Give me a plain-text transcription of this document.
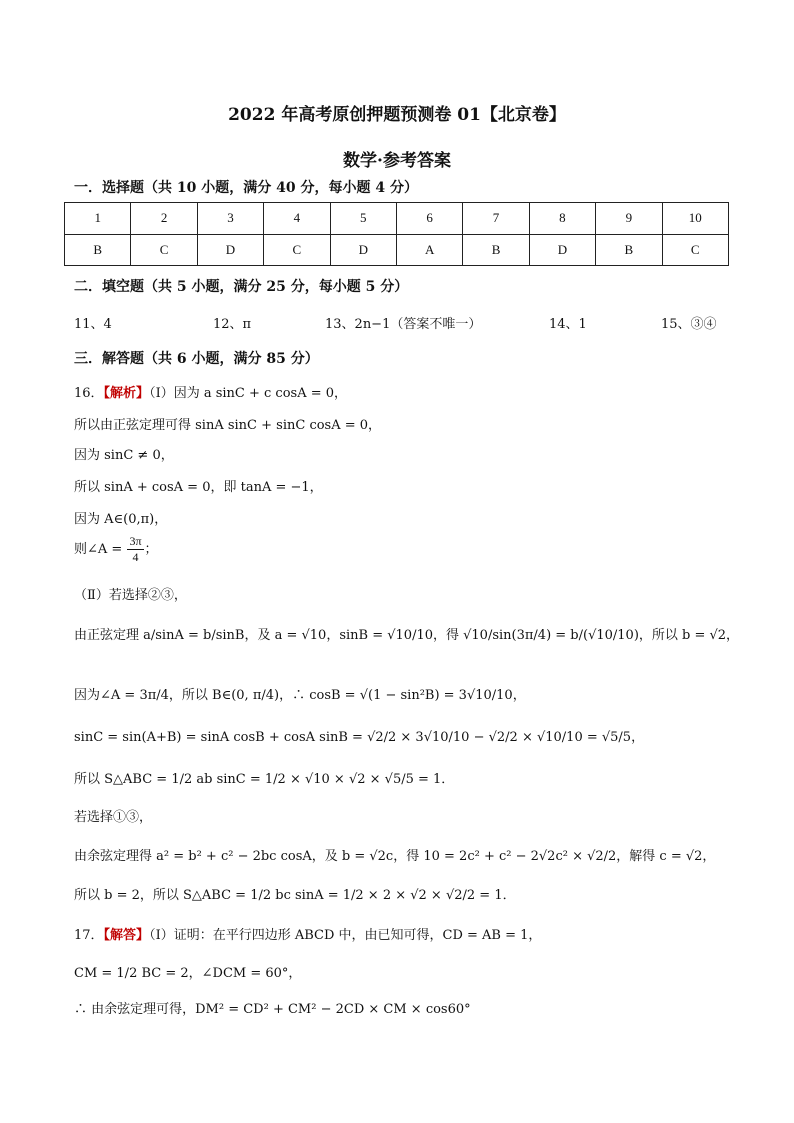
2022 年高考原创押题预测卷 01【北京卷】
数学·参考答案
一．选择题（共 10 小题，满分 40 分，每小题 4 分）
1	2	3	4	5	6	7	8	9	10
B	C	D	C	D	A	B	D	B	C
二．填空题（共 5 小题，满分 25 分，每小题 5 分）
11、4	12、π	13、2n−1（答案不唯一）	14、1	15、③④
三．解答题（共 6 小题，满分 85 分）
16．【解析】（Ⅰ）因为 a sinC + c cosA = 0，
所以由正弦定理可得 sinA sinC + sinC cosA = 0，
因为 sinC ≠ 0，
所以 sinA + cosA = 0，即 tanA = −1，
因为 A∈(0,π)，
则∠A = $\frac{3\pi}{4}$ ；
（Ⅱ）若选择②③，
由正弦定理 a/sinA = b/sinB，及 a = √10，sinB = √10/10，得 √10/sin(3π/4) = b/(√10/10)，所以 b = √2，
因为∠A = 3π/4，所以 B∈(0, π/4)，∴ cosB = √(1 − sin²B) = 3√10/10，
sinC = sin(A+B) = sinA cosB + cosA sinB = √2/2 × 3√10/10 − √2/2 × √10/10 = √5/5，
所以 S△ABC = 1/2 ab sinC = 1/2 × √10 × √2 × √5/5 = 1．
若选择①③，
由余弦定理得 a² = b² + c² − 2bc cosA，及 b = √2c，得 10 = 2c² + c² − 2√2c² × √2/2，解得 c = √2，
所以 b = 2，所以 S△ABC = 1/2 bc sinA = 1/2 × 2 × √2 × √2/2 = 1．
17．【解答】（Ⅰ）证明：在平行四边形 ABCD 中，由已知可得，CD = AB = 1，
CM = 1/2 BC = 2，∠DCM = 60°，
∴ 由余弦定理可得，DM² = CD² + CM² − 2CD × CM × cos60°
